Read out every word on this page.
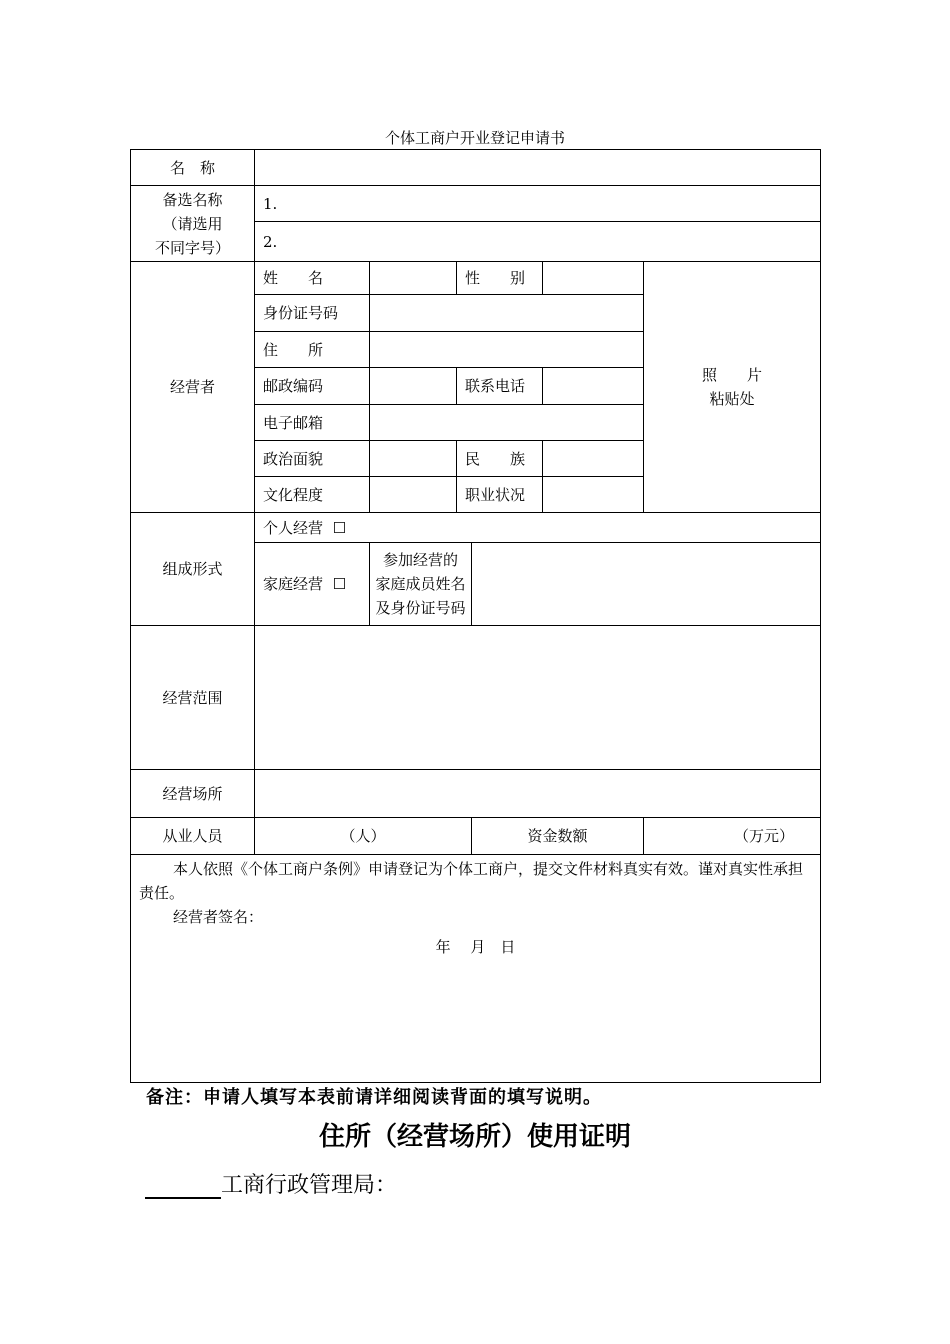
个体工商户开业登记申请书
名　称						

备选名称
（请选用
不同字号）	1.					
	2.					
经营者	姓　　名		性　　别			照　　片
粘贴处

	身份证号码					
	住　　所					
	邮政编码		联系电话			
	电子邮箱					
	政治面貌		民　　族			
	文化程度		职业状况			
组成形式	个人经营 ☐					
	家庭经营 ☐	参加经营的
家庭成员姓名
及身份证号码				

经营范围						
经营场所						
从业人员	（人）			资金数额		（万元）

本人依照《个体工商户条例》申请登记为个体工商户，提交文件材料真实有效。谨对真实性承担责任。

经营者签名：

年　 月　日						

备注：申请人填写本表前请详细阅读背面的填写说明。
住所（经营场所）使用证明
工商行政管理局：
